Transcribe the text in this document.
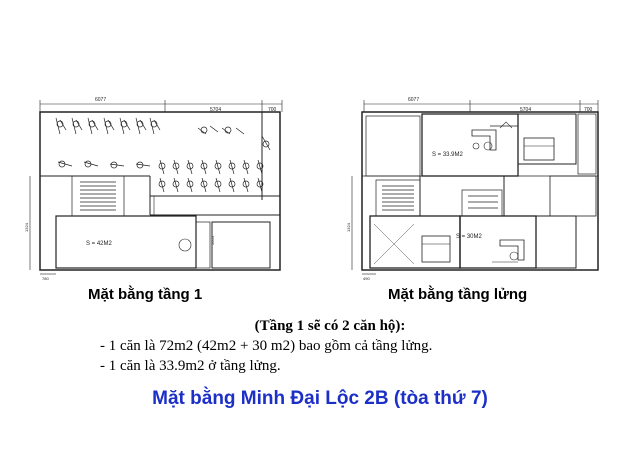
6077
5704	700
S = 42M2	5054
1324
780
6077
5704	700
S = 33.9M2
S = 30M2
1324
490
Mặt bằng tầng 1	Mặt bằng tầng lửng
(Tầng 1 sẽ có 2 căn hộ):
- 1 căn là 72m2 (42m2 + 30 m2) bao gồm cả tầng lửng.
- 1 căn là 33.9m2 ở tầng lửng.
Mặt bằng Minh Đại Lộc 2B (tòa thứ 7)
